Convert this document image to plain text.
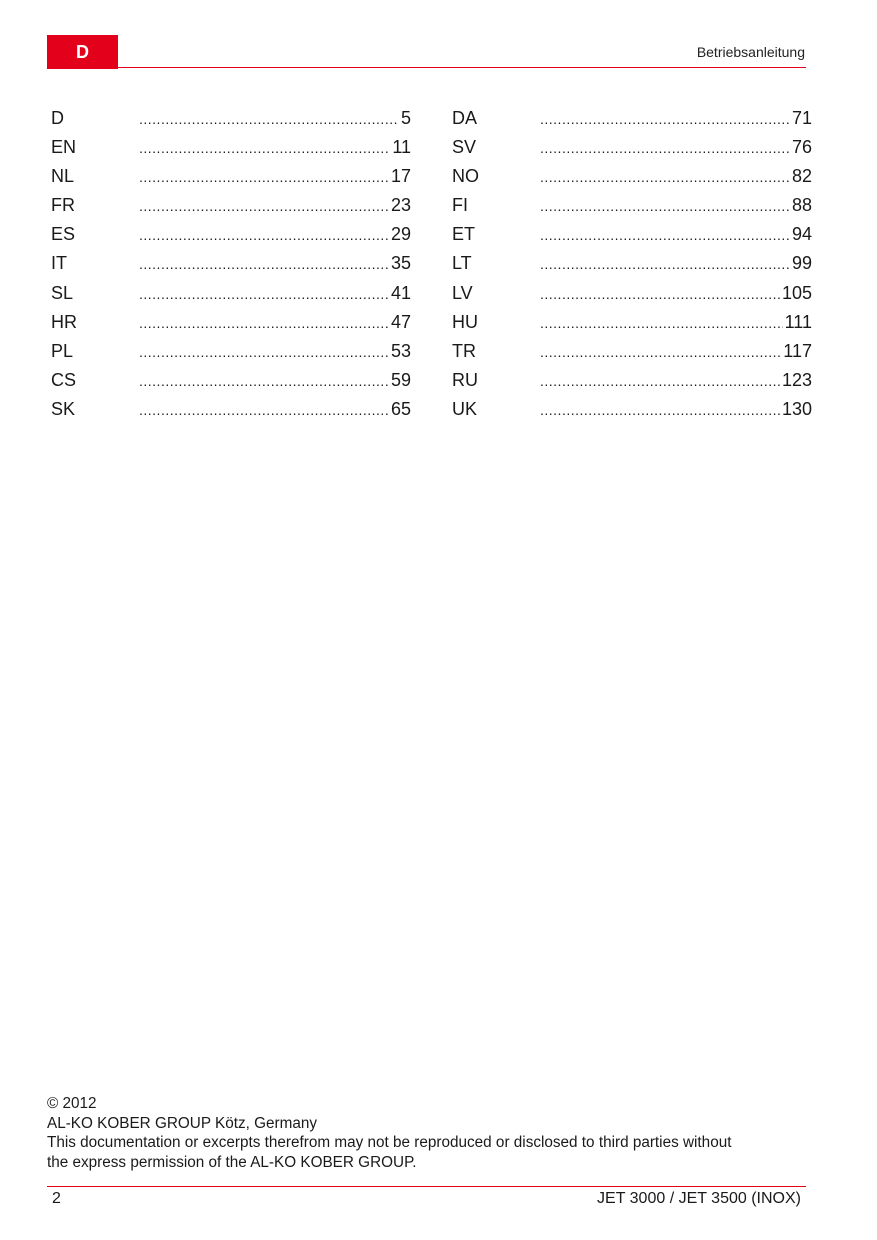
D	Betriebsanleitung
D .....	5
EN .....	11
NL .....	17
FR .....	23
ES .....	29
IT .....	35
SL .....	41
HR .....	47
PL .....	53
CS .....	59
SK .....	65
DA .....	71
SV .....	76
NO .....	82
FI .....	88
ET .....	94
LT .....	99
LV .....	105
HU .....	111
TR .....	117
RU .....	123
UK .....	130
© 2012
AL-KO KOBER GROUP Kötz, Germany
This documentation or excerpts therefrom may not be reproduced or disclosed to third parties without
the express permission of the AL-KO KOBER GROUP.
2	JET 3000 / JET 3500 (INOX)
